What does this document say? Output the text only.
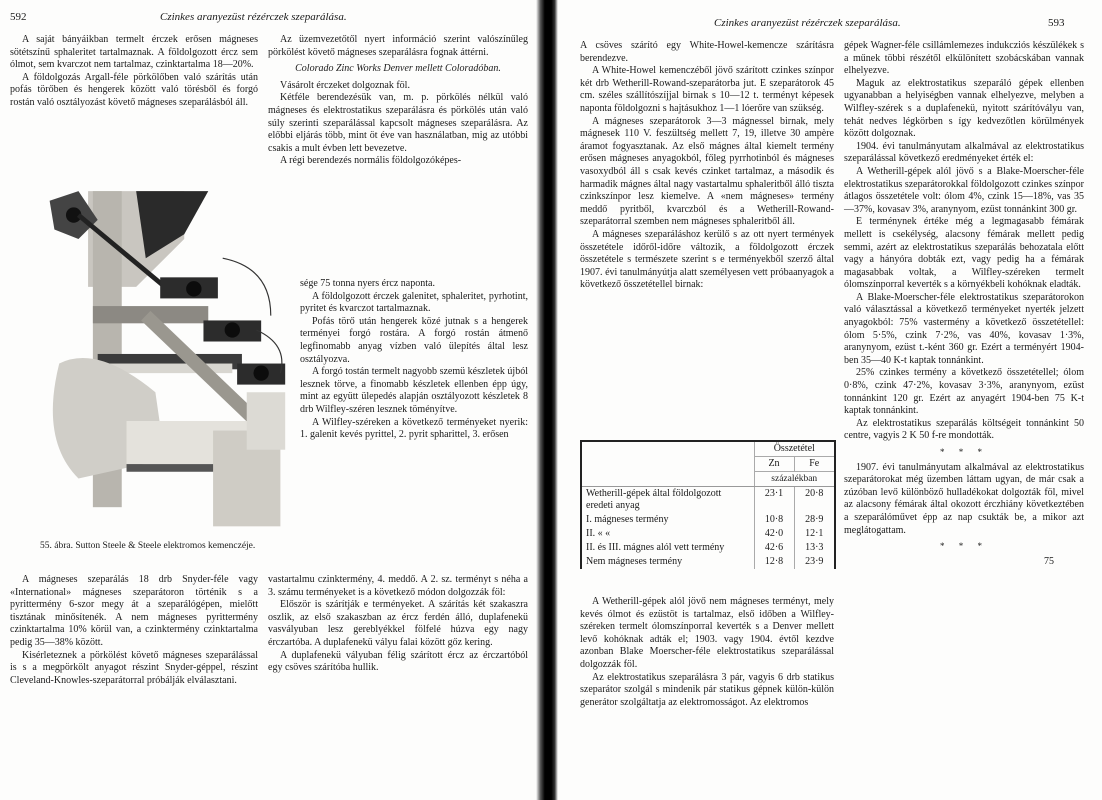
592	Czinkes aranyezüst rézérczek szeparálása.

A saját bányáikban termelt érczek erősen mágneses sötétszínű sphaleritet tartalmaznak. A földolgozott ércz sem ólmot, sem kvarczot nem tartalmaz, czinktartalma 18—20%.

A földolgozás Argall-féle pörkölőben való szárítás után pofás törőben és hengerek között való törésből és forgó rostán való osztályozást követő mágneses szeparálásból áll.

Az üzemvezetőtől nyert információ szerint valószínűleg pörkölést követő mágneses szeparálásra fognak áttérni.

Colorado Zinc Works Denver mellett Coloradóban.

Vásárolt érczeket dolgoznak föl.

Kétféle berendezésük van, m. p. pörkölés nélkül való mágneses és elektrostatikus szeparálásra és pörkölés után való súly szerinti szeparálással kapcsolt mágneses szeparálásra. Az előbbi eljárás több, mint öt éve van használatban, mig az utóbbi csakis a mult évben lett bevezetve.

A régi berendezés normális földolgozóképes-

sége 75 tonna nyers ércz naponta.

A földolgozott érczek galenitet, sphaleritet, pyrhotint, pyritet és kvarczot tartalmaznak.

Pofás törő után hengerek közé jutnak s a hengerek terményei forgó rostára. A forgó rostán átmenő legfinomabb anyag vízben való ülepítés által lesz osztályozva.

A forgó tostán termelt nagyobb szemü készletek újból lesznek törve, a finomabb készletek ellenben épp úgy, mint az együtt ülepedés alapján osztályozott készletek 8 drb Wilfley-széren lesznek töményítve.

A Wilfley-széreken a következő terményeket nyerik: 1. galenit kevés pyrittel, 2. pyrit spharittel, 3. erősen

55. ábra. Sutton Steele & Steele elektromos kemenczéje.

A mágneses szeparálás 18 drb Snyder-féle vagy «International» mágneses szeparátoron történik s a pyrittermény 6-szor megy át a szeparálógépen, mielőtt tisztának minősítenék. A nem mágneses pyrittermény czinktartalma 10% körül van, a czinktermény czinktartalma pedig 35—38% között.

Kisérleteznek a pörkölést követő mágneses szeparálással is s a megpörkölt anyagot részint Snyder-géppel, részint Cleveland-Knowles-szeparátorral próbálják elválasztani.

vastartalmu czinktermény, 4. meddő. A 2. sz. terményt s néha a 3. számu terményeket is a következő módon dolgozzák föl:

Először is szárítják e terményeket. A szárítás két szakaszra oszlik, az első szakaszban az ércz ferdén álló, duplafenekü vasvályuban lesz gereblyékkel fölfelé húzva egy nagy érczartóba. A duplafenekü vályu falai között gőz kering.

A duplafenekü vályuban félig szárított ércz az érczartóból egy csöves szárítóba hullik.

Czinkes aranyezüst rézérczek szeparálása.	593

A csöves szárító egy White-Howel-kemencze szárításra berendezve.

A White-Howel kemenczéből jövő szárított czinkes színpor két drb Wetherill-Rowand-szeparátorba jut. E szeparátorok 45 cm. széles szállítószíjjal birnak s 10—12 t. terményt képesek naponta földolgozni s hajtásukhoz 1—1 lóerőre van szükség.

A mágneses szeparátorok 3—3 mágnessel birnak, mely mágnesek 110 V. feszültség mellett 7, 19, illetve 30 ampère áramot fogyasztanak. Az első mágnes által kiemelt termény erősen mágneses anyagokból, főleg pyrrhotinból és mágneses vasoxydból áll s csak kevés czinket tartalmaz, a második és harmadik mágnes által nagy vastartalmu sphaleritből álló tiszta czinkszínpor lesz kiemelve. A «nem mágneses» termény meddő pyritből, kvarczból és a Wetherill-Rowand-szeparátorral szemben nem mágneses sphaleritből áll.

A mágneses szeparáláshoz kerülő s az ott nyert termények összetétele időről-időre változik, a földolgozott érczek összetétele s természete szerint s e terményekből szerző által 1907. évi tanulmányútja alatt személyesen vett próbaanyagok a következő összetétellel birnak:

	Összetétel	
	Zn	Fe
	százalékban	
Wetherill-gépek által földolgozott eredeti anyag	23·1	20·8
I. mágneses termény	10·8	28·9
II. « «	42·0	12·1
II. és III. mágnes alól vett termény	42·6	13·3
Nem mágneses termény	12·8	23·9

A Wetherill-gépek alól jövő nem mágneses terményt, mely kevés ólmot és ezüstöt is tartalmaz, első időben a Wilfley-széreken termelt ólomszínporral keverték s a Denver mellett levő kohóknak adták el; 1903. vagy 1904. évtől kezdve azonban Blake Moerscher-féle elektrostatikus szeparálással dolgozzák föl.

Az elektrostatikus szeparálásra 3 pár, vagyis 6 drb statikus szeparátor szolgál s mindenik pár statikus gépnek külön-külön generátor szolgáltatja az elektromosságot. Az elektromos

gépek Wagner-féle csillámlemezes indukcziós készülékek s a műnek többi részétől elkülönített szobácskában vannak elhelyezve.

Maguk az elektrostatikus szeparáló gépek ellenben ugyanabban a helyiségben vannak elhelyezve, melyben a Wilfley-szérek s a duplafenekü, nyitott szárítóvályu van, tehát nedves légkörben s így kedvezőtlen körülmények között dolgoznak.

1904. évi tanulmányutam alkalmával az elektrostatikus szeparálással következő eredményeket érték el:

A Wetherill-gépek alól jövő s a Blake-Moerscher-féle elektrostatikus szeparátorokkal földolgozott czinkes színpor átlagos összetétele volt: ólom 4%, czink 15—18%, vas 35—37%, kovasav 3%, aranynyom, ezüst tonnánkint 300 gr.

E terménynek értéke még a legmagasabb fémárak mellett is csekélység, alacsony fémárak mellett pedig semmi, azért az elektrostatikus szeparálás behozatala előtt vagy a hányóra dobták ezt, vagy pedig ha a fémárak magasabbak voltak, a Wilfley-széreken termelt ólomszínporral keverték s a környékbeli kohóknak eladták.

A Blake-Moerscher-féle elektrostatikus szeparátorokon való választással a következő terményeket nyerték jelzett anyagokból: 75% vastermény a következő összetétellel: ólom 5·5%, czink 7·2%, vas 40%, kovasav 1·3%, aranynyom, ezüst t.-ként 360 gr. Ezért a terményért 1904-ben 35—40 K-t kaptak tonnánkint.

25% czinkes termény a következő összetétellel; ólom 0·8%, czink 47·2%, kovasav 3·3%, aranynyom, ezüst tonnánkint 120 gr. Ezért az anyagért 1904-ben 75 K-t kaptak tonnánkint.

Az elektrostatikus szeparálás költségeit tonnánkint 50 centre, vagyis 2 K 50 f-re mondották.

* * *

1907. évi tanulmányutam alkalmával az elektrostatikus szeparátorokat még üzemben láttam ugyan, de már csak a zúzóban levő különböző hulladékokat dolgozták föl, mivel az alacsony fémárak által okozott érczhiány következtében a szeparálóművet épp az nap csukták be, a mikor azt meglátogattam.

* * *

75
